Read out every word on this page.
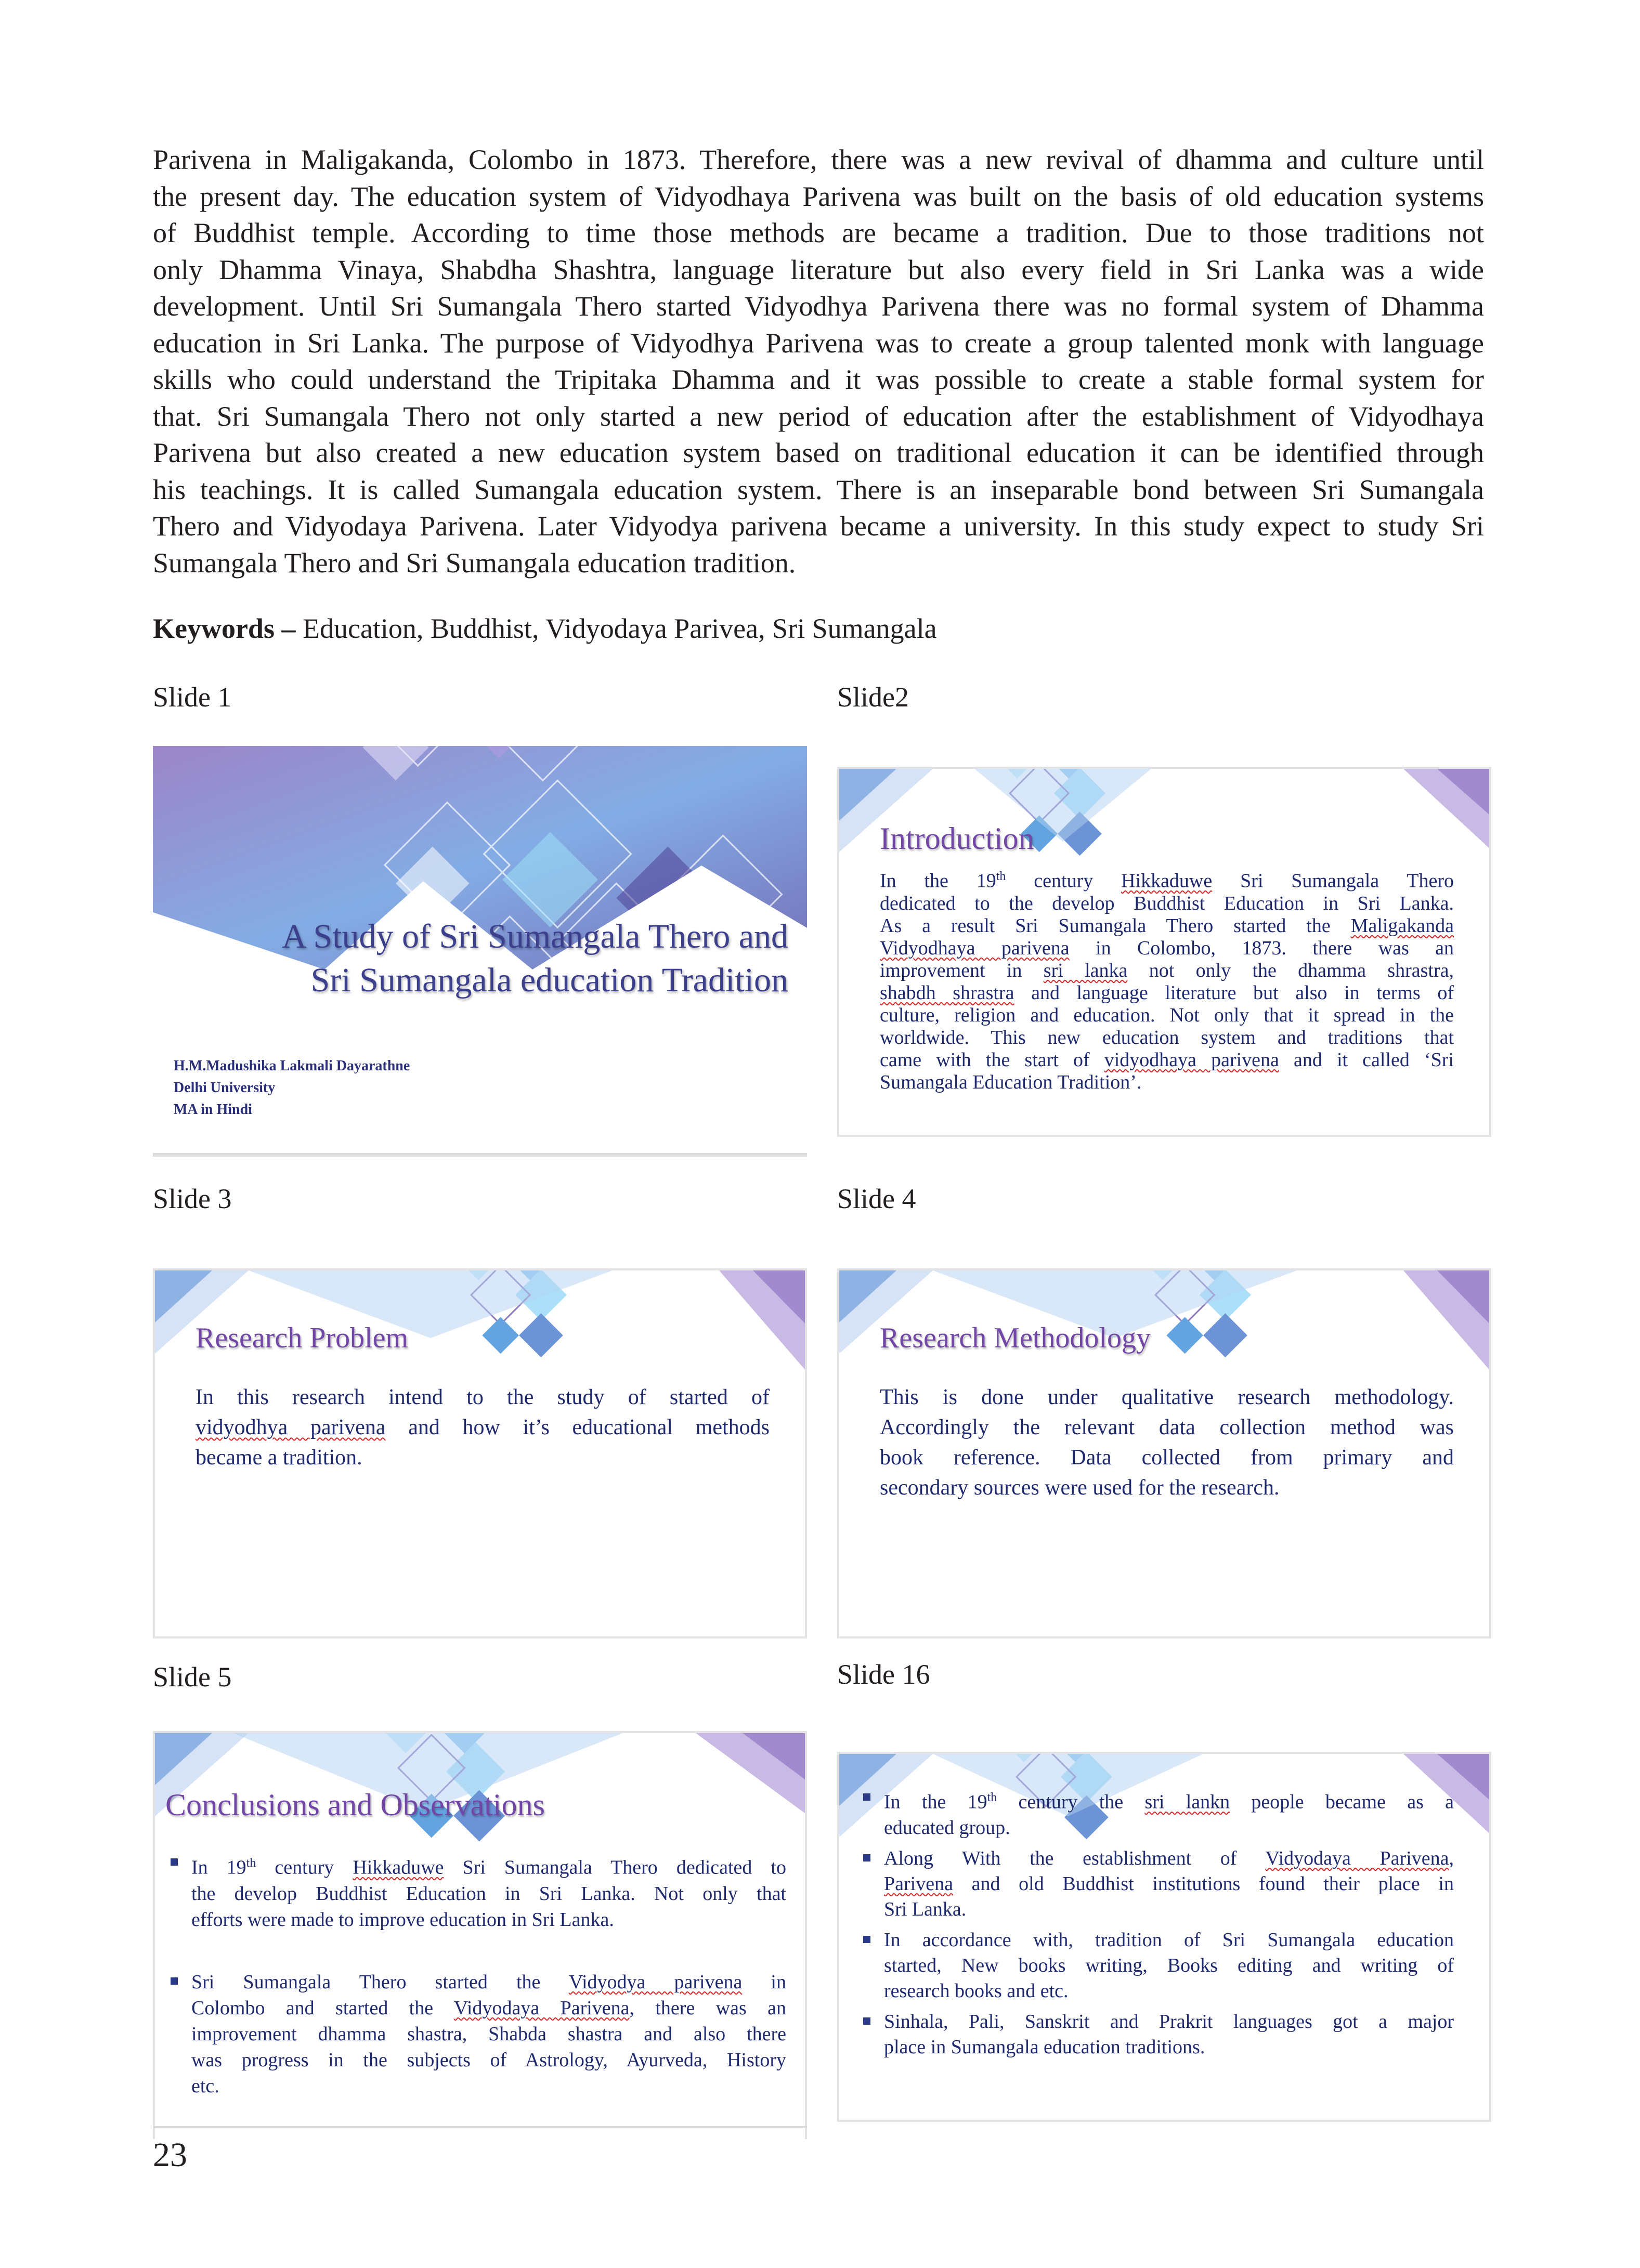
Parivena in Maligakanda, Colombo in 1873. Therefore, there was a new revival of dhamma and culture until

the present day. The education system of Vidyodhaya Parivena was built on the basis of old education systems

of Buddhist temple. According to time those methods are became a tradition. Due to those traditions not

only Dhamma Vinaya, Shabdha Shashtra, language literature but also every field in Sri Lanka was a wide

development. Until Sri Sumangala Thero started Vidyodhya Parivena there was no formal system of Dhamma

education in Sri Lanka. The purpose of Vidyodhya Parivena was to create a group talented monk with language

skills who could understand the Tripitaka Dhamma and it was possible to create a stable formal system for

that. Sri Sumangala Thero not only started a new period of education after the establishment of Vidyodhaya

Parivena but also created a new education system based on traditional education it can be identified through

his teachings. It is called Sumangala education system. There is an inseparable bond between Sri Sumangala

Thero and Vidyodaya Parivena. Later Vidyodya parivena became a university. In this study expect to study Sri

Sumangala Thero and Sri Sumangala education tradition.

Keywords – Education, Buddhist, Vidyodaya Parivea, Sri Sumangala
Slide 1	Slide2
Slide 3	Slide 4
Slide 5	Slide 16
A Study of Sri Sumangala Thero and
Sri Sumangala education Tradition
H.M.Madushika Lakmali Dayarathne
Delhi University
MA in Hindi
Introduction
In the 19th century Hikkaduwe Sri Sumangala Thero
dedicated to the develop Buddhist Education in Sri Lanka.
As a result Sri Sumangala Thero started the Maligakanda
Vidyodhaya parivena in Colombo, 1873. there was an
improvement in sri lanka not only the dhamma shrastra,
shabdh shrastra and language literature but also in terms of
culture, religion and education. Not only that it spread in the
worldwide. This new education system and traditions that
came with the start of vidyodhaya parivena and it called ‘Sri
Sumangala Education Tradition’.
Research Problem
In this research intend to the study of started of
vidyodhya parivena and how it’s educational methods
became a tradition.
Research Methodology
This is done under qualitative research methodology.
Accordingly the relevant data collection method was
book reference. Data collected from primary and
secondary sources were used for the research.
Conclusions and Observations
In 19th century Hikkaduwe Sri Sumangala Thero dedicated to
the develop Buddhist Education in Sri Lanka. Not only that
efforts were made to improve education in Sri Lanka.
Sri Sumangala Thero started the Vidyodya parivena in
Colombo and started the Vidyodaya Parivena, there was an
improvement dhamma shastra, Shabda shastra and also there
was progress in the subjects of Astrology, Ayurveda, History
etc.
In the 19th century the sri lankn people became as a
educated group.
Along With the establishment of Vidyodaya Parivena,
Parivena and old Buddhist institutions found their place in
Sri Lanka.
In accordance with, tradition of Sri Sumangala education
started, New books writing, Books editing and writing of
research books and etc.
Sinhala, Pali, Sanskrit and Prakrit languages got a major
place in Sumangala education traditions.
23
